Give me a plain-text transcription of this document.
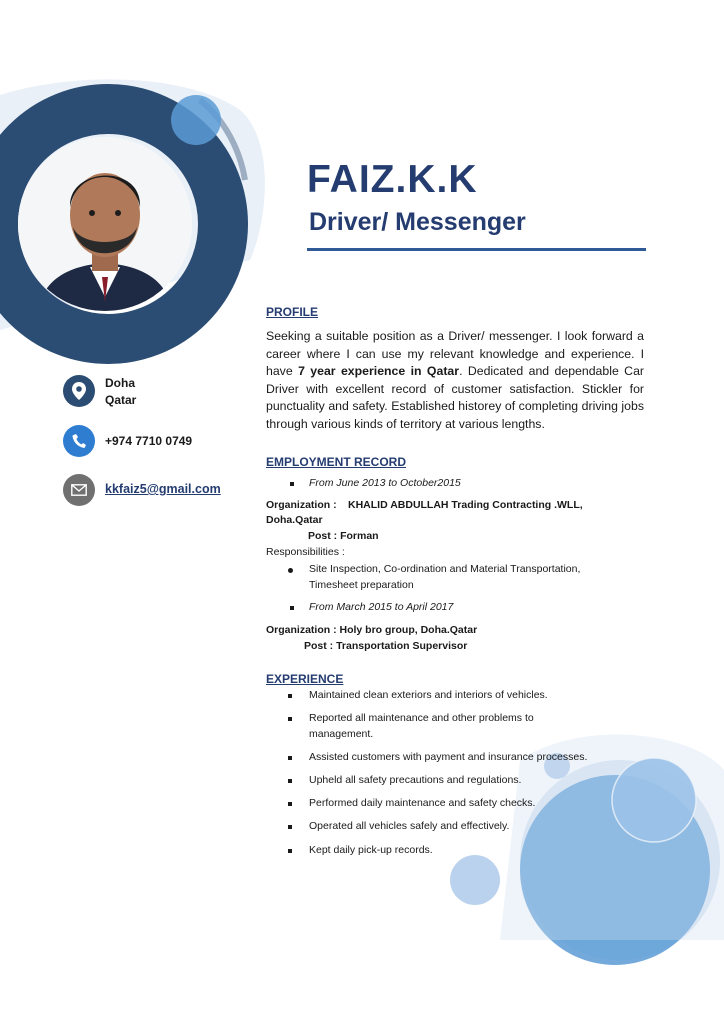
FAIZ.K.K
Driver/ Messenger
Doha
Qatar
+974 7710 0749
kkfaiz5@gmail.com
PROFILE
Seeking a suitable position as a Driver/ messenger. I look forward a career where I can use my relevant knowledge and experience. I have 7 year experience in Qatar. Dedicated and dependable Car Driver with excellent record of customer satisfaction. Stickler for punctuality and safety. Established historey of completing driving jobs through various kinds of territory at various lengths.
EMPLOYMENT RECORD
From June 2013 to October2015
Organization : KHALID ABDULLAH Trading Contracting .WLL,
Doha.Qatar
Post : Forman
Responsibilities :
Site Inspection, Co-ordination and Material Transportation,
Timesheet preparation
From March 2015 to April 2017
Organization : Holy bro group, Doha.Qatar
Post : Transportation Supervisor
EXPERIENCE
Maintained clean exteriors and interiors of vehicles.
Reported all maintenance and other problems to
management.
Assisted customers with payment and insurance processes.
Upheld all safety precautions and regulations.
Performed daily maintenance and safety checks.
Operated all vehicles safely and effectively.
Kept daily pick-up records.
